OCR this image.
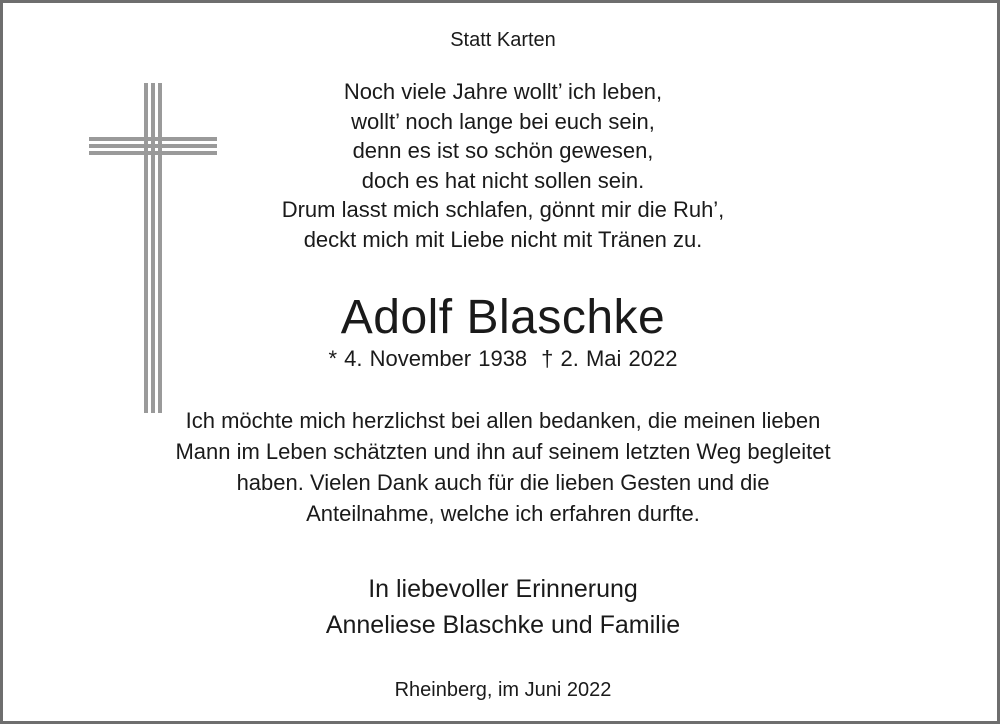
Statt Karten
Noch viele Jahre wollt’ ich leben,
wollt’ noch lange bei euch sein,
denn es ist so schön gewesen,
doch es hat nicht sollen sein.
Drum lasst mich schlafen, gönnt mir die Ruh’,
deckt mich mit Liebe nicht mit Tränen zu.
Adolf Blaschke
* 4. November 1938 † 2. Mai 2022
Ich möchte mich herzlichst bei allen bedanken, die meinen lieben
Mann im Leben schätzten und ihn auf seinem letzten Weg begleitet
haben. Vielen Dank auch für die lieben Gesten und die
Anteilnahme, welche ich erfahren durfte.
In liebevoller Erinnerung
Anneliese Blaschke und Familie
Rheinberg, im Juni 2022
